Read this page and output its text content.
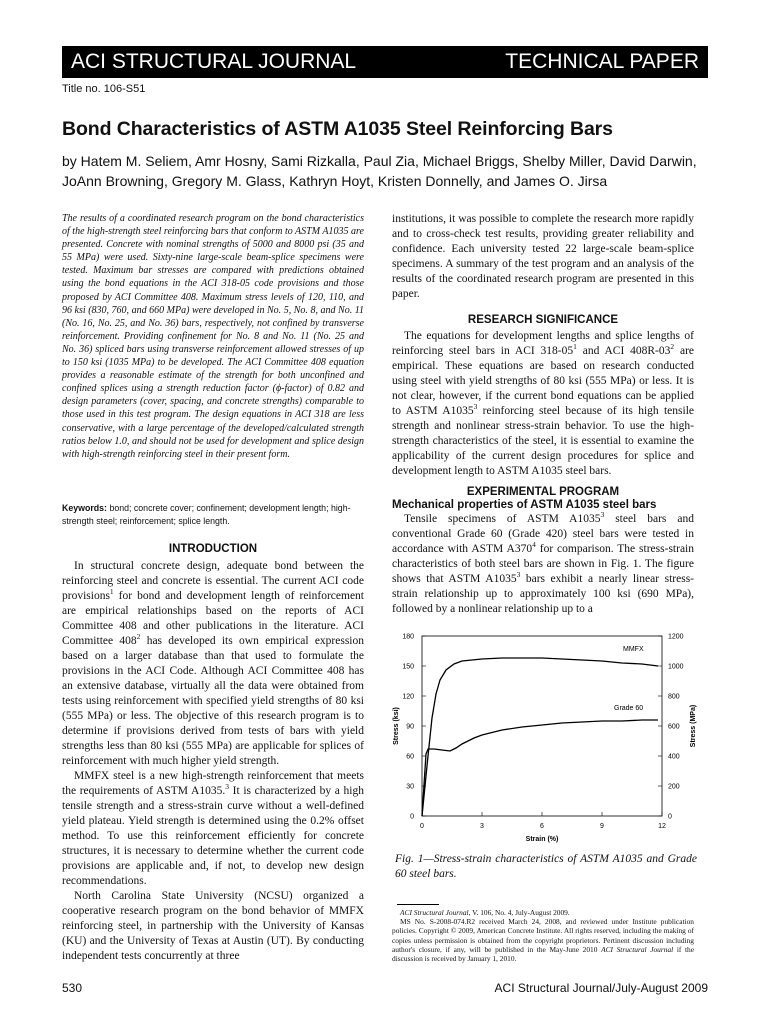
ACI STRUCTURAL JOURNAL	TECHNICAL PAPER
Title no. 106-S51
Bond Characteristics of ASTM A1035 Steel Reinforcing Bars
by Hatem M. Seliem, Amr Hosny, Sami Rizkalla, Paul Zia, Michael Briggs, Shelby Miller, David Darwin, JoAnn Browning, Gregory M. Glass, Kathryn Hoyt, Kristen Donnelly, and James O. Jirsa
The results of a coordinated research program on the bond characteristics of the high-strength steel reinforcing bars that conform to ASTM A1035 are presented. Concrete with nominal strengths of 5000 and 8000 psi (35 and 55 MPa) were used. Sixty-nine large-scale beam-splice specimens were tested. Maximum bar stresses are compared with predictions obtained using the bond equations in the ACI 318-05 code provisions and those proposed by ACI Committee 408. Maximum stress levels of 120, 110, and 96 ksi (830, 760, and 660 MPa) were developed in No. 5, No. 8, and No. 11 (No. 16, No. 25, and No. 36) bars, respectively, not confined by transverse reinforcement. Providing confinement for No. 8 and No. 11 (No. 25 and No. 36) spliced bars using transverse reinforcement allowed stresses of up to 150 ksi (1035 MPa) to be developed. The ACI Committee 408 equation provides a reasonable estimate of the strength for both unconfined and confined splices using a strength reduction factor (ϕ-factor) of 0.82 and design parameters (cover, spacing, and concrete strengths) comparable to those used in this test program. The design equations in ACI 318 are less conservative, with a large percentage of the developed/calculated strength ratios below 1.0, and should not be used for development and splice design with high-strength reinforcing steel in their present form.
Keywords: bond; concrete cover; confinement; development length; high-strength steel; reinforcement; splice length.
INTRODUCTION

In structural concrete design, adequate bond between the reinforcing steel and concrete is essential. The current ACI code provisions$^1$ for bond and development length of reinforcement are empirical relationships based on the reports of ACI Committee 408 and other publications in the literature. ACI Committee $408^2$ has developed its own empirical expression based on a larger database than that used to formulate the provisions in the ACI Code. Although ACI Committee 408 has an extensive database, virtually all the data were obtained from tests using reinforcement with specified yield strengths of 80 ksi (555 MPa) or less. The objective of this research program is to determine if provisions derived from tests of bars with yield strengths less than 80 ksi (555 MPa) are applicable for splices of reinforcement with much higher yield strength.

MMFX steel is a new high-strength reinforcement that meets the requirements of ASTM A1035.$^3$ It is characterized by a high tensile strength and a stress-strain curve without a well-defined yield plateau. Yield strength is determined using the 0.2% offset method. To use this reinforcement efficiently for concrete structures, it is necessary to determine whether the current code provisions are applicable and, if not, to develop new design recommendations.

North Carolina State University (NCSU) organized a cooperative research program on the bond behavior of MMFX reinforcing steel, in partnership with the University of Kansas (KU) and the University of Texas at Austin (UT). By conducting independent tests concurrently at three

institutions, it was possible to complete the research more rapidly and to cross-check test results, providing greater reliability and confidence. Each university tested 22 large-scale beam-splice specimens. A summary of the test program and an analysis of the results of the coordinated research program are presented in this paper.
RESEARCH SIGNIFICANCE

The equations for development lengths and splice lengths of reinforcing steel bars in ACI $318-05^1$ and ACI $408R-03^2$ are empirical. These equations are based on research conducted using steel with yield strengths of 80 ksi (555 MPa) or less. It is not clear, however, if the current bond equations can be applied to ASTM A1035$^3$ reinforcing steel because of its high tensile strength and nonlinear stress-strain behavior. To use the high-strength characteristics of the steel, it is essential to examine the applicability of the current design procedures for splice and development length to ASTM A1035 steel bars.

EXPERIMENTAL PROGRAM
Mechanical properties of ASTM A1035 steel bars

Tensile specimens of ASTM A1035$^3$ steel bars and conventional Grade 60 (Grade 420) steel bars were tested in accordance with ASTM $A370^4$ for comparison. The stress-strain characteristics of both steel bars are shown in Fig. 1. The figure shows that ASTM A1035$^3$ bars exhibit a nearly linear stress-strain relationship up to approximately 100 ksi (690 MPa), followed by a nonlinear relationship up to a

0	0
30	200
60	400
90	600
120	800
150	1000
180	1200
0	3	6	9	12
MMFX
Grade 60
Strain (%)
Stress (ksi)	Stress (MPa)
Fig. 1—Stress-strain characteristics of ASTM A1035 and Grade 60 steel bars.

ACI Structural Journal, V. 106, No. 4, July-August 2009.

MS No. S-2008-074.R2 received March 24, 2008, and reviewed under Institute publication policies. Copyright © 2009, American Concrete Institute. All rights reserved, including the making of copies unless permission is obtained from the copyright proprietors. Pertinent discussion including author's closure, if any, will be published in the May-June 2010 ACI Structural Journal if the discussion is received by January 1, 2010.

530	ACI Structural Journal/July-August 2009
